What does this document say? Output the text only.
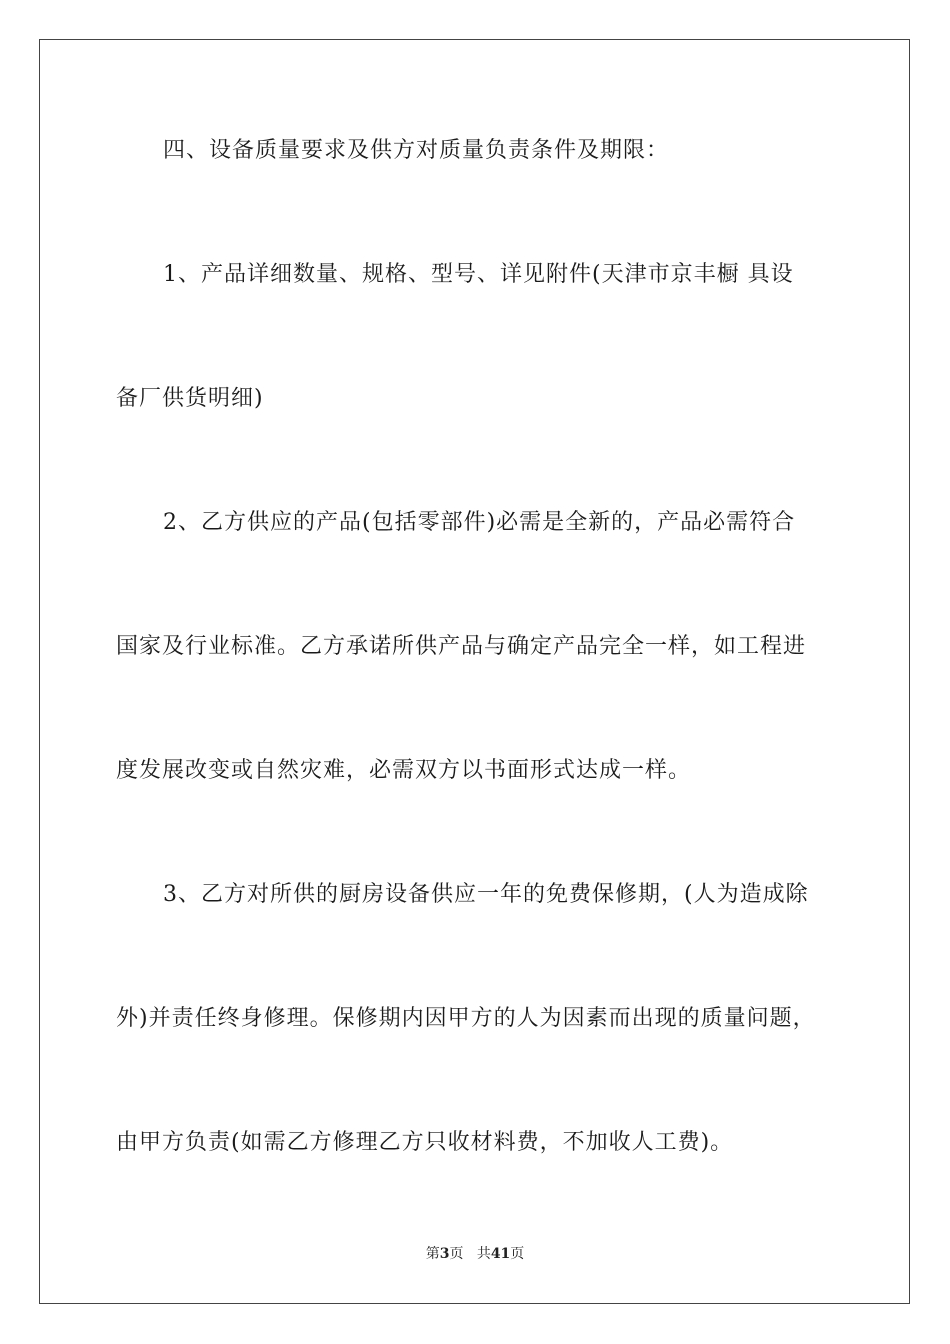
四、设备质量要求及供方对质量负责条件及期限：
1、产品详细数量、规格、型号、详见附件(天津市京丰橱 具设
备厂供货明细)
2、乙方供应的产品(包括零部件)必需是全新的，产品必需符合
国家及行业标准。乙方承诺所供产品与确定产品完全一样，如工程进
度发展改变或自然灾难，必需双方以书面形式达成一样。
3、乙方对所供的厨房设备供应一年的免费保修期，(人为造成除
外)并责任终身修理。保修期内因甲方的人为因素而出现的质量问题，
由甲方负责(如需乙方修理乙方只收材料费，不加收人工费)。
第3页 共41页
